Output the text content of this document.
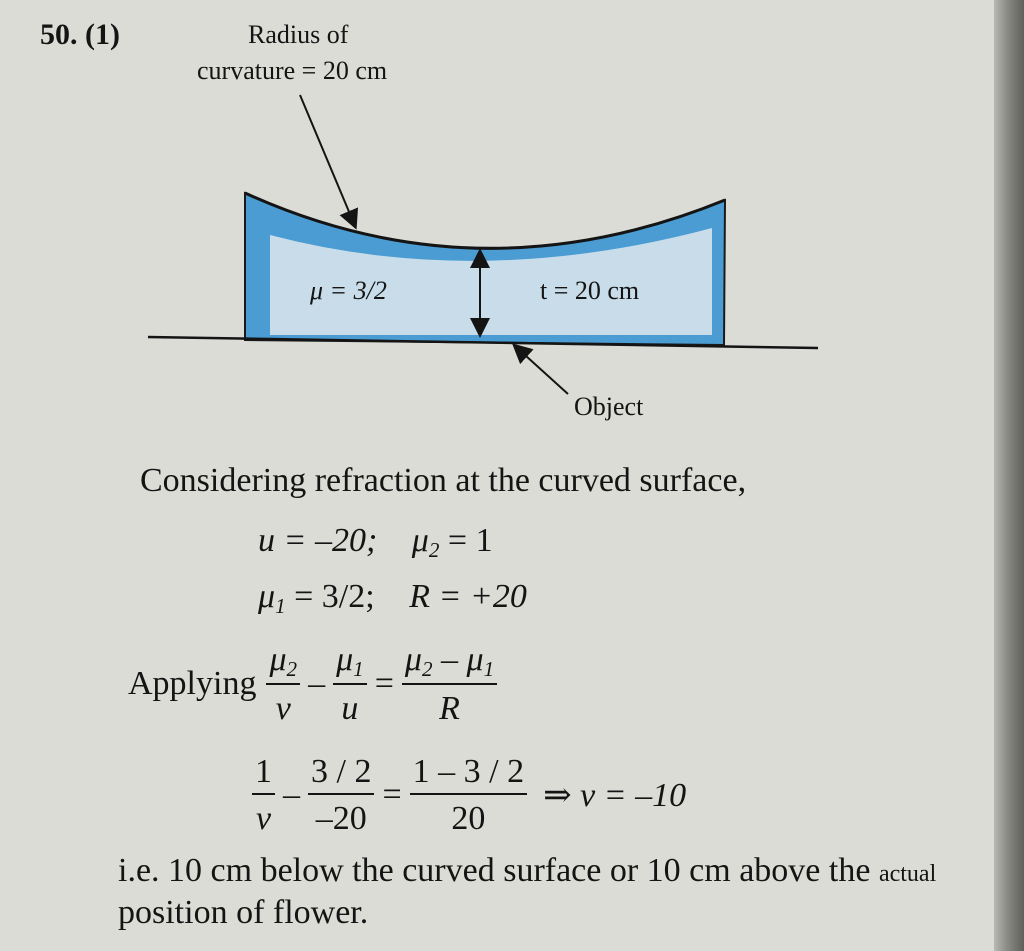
50. (1)	Radius of
curvature = 20 cm
μ = 3/2	t = 20 cm
Object
Considering refraction at the curved surface,
u = –20; $\mu_2 = 1$
$\mu_1 = 3/2$; R = +20
Applying $\frac{\mu_2}{v} - \frac{\mu_1}{u} = \frac{\mu_2 - \mu_1}{R}$
$\frac{1}{v} - \frac{3 / 2}{-20} = \frac{1 - 3 / 2}{20}$ ⇒ v = –10
i.e. 10 cm below the curved surface or 10 cm above the actual
position of flower.
